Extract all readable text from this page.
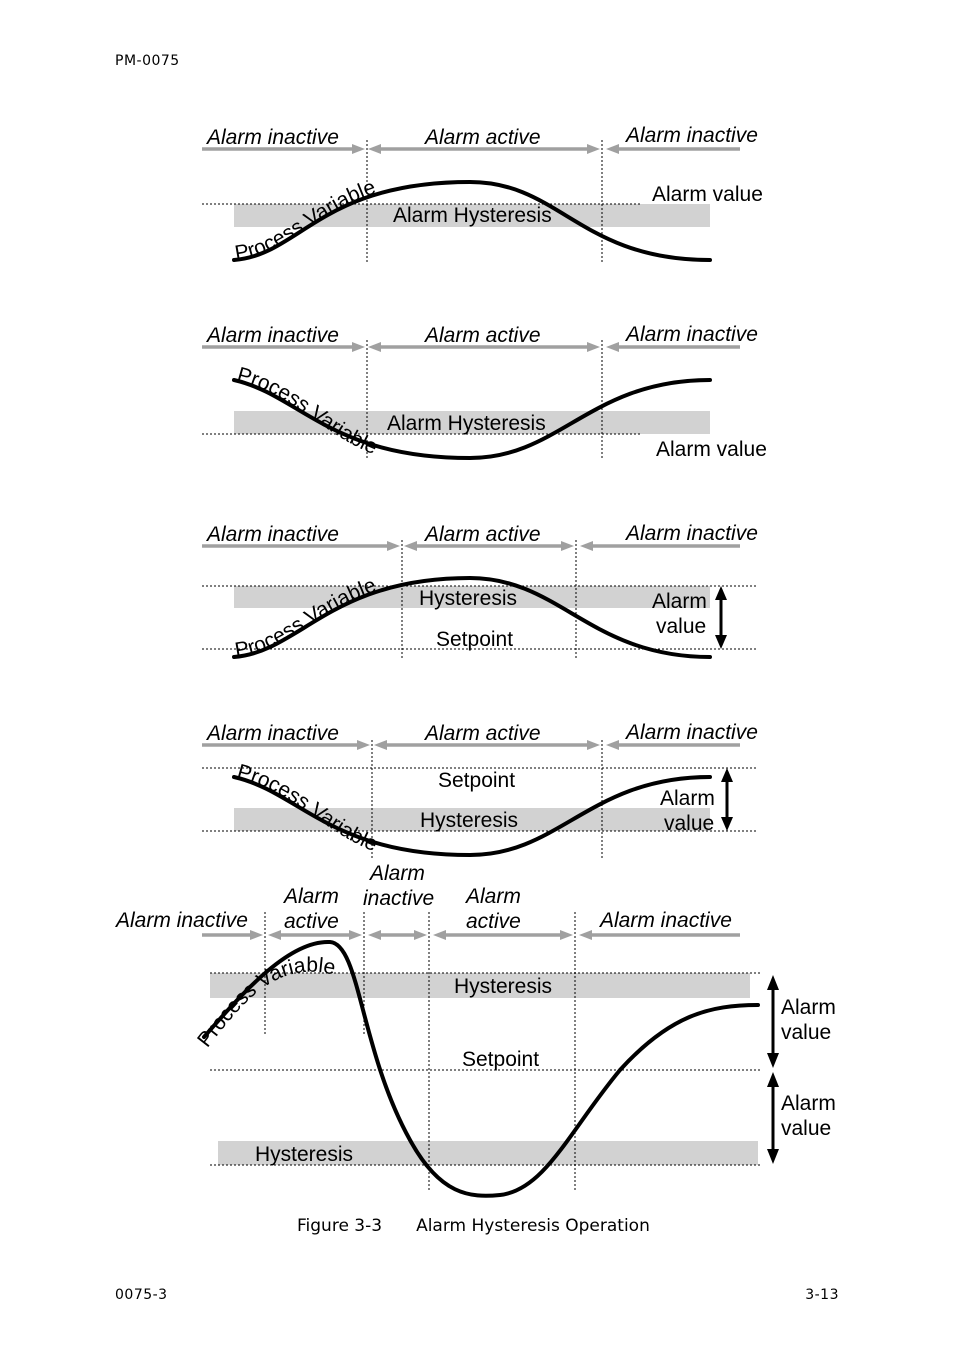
PM-0075
0075-3	3-13
Figure 3-3 Alarm Hysteresis Operation
Alarm inactive	Alarm active	Alarm inactive
Alarm value
Alarm Hysteresis
Process Variable
Alarm inactive	Alarm active	Alarm inactive
Alarm Hysteresis
Alarm value
Process Variable
Alarm inactive	Alarm active	Alarm inactive
Hysteresis
Setpoint
Alarm
value
Process Variable
Alarm inactive	Alarm active	Alarm inactive
Setpoint
Hysteresis
Alarm
value
Process Variable
Alarm inactive
Alarm
active
Alarm
inactive Alarm
active	Alarm inactive
Hysteresis
Setpoint
Hysteresis
Alarm
value
Alarm
value
Process Variable
